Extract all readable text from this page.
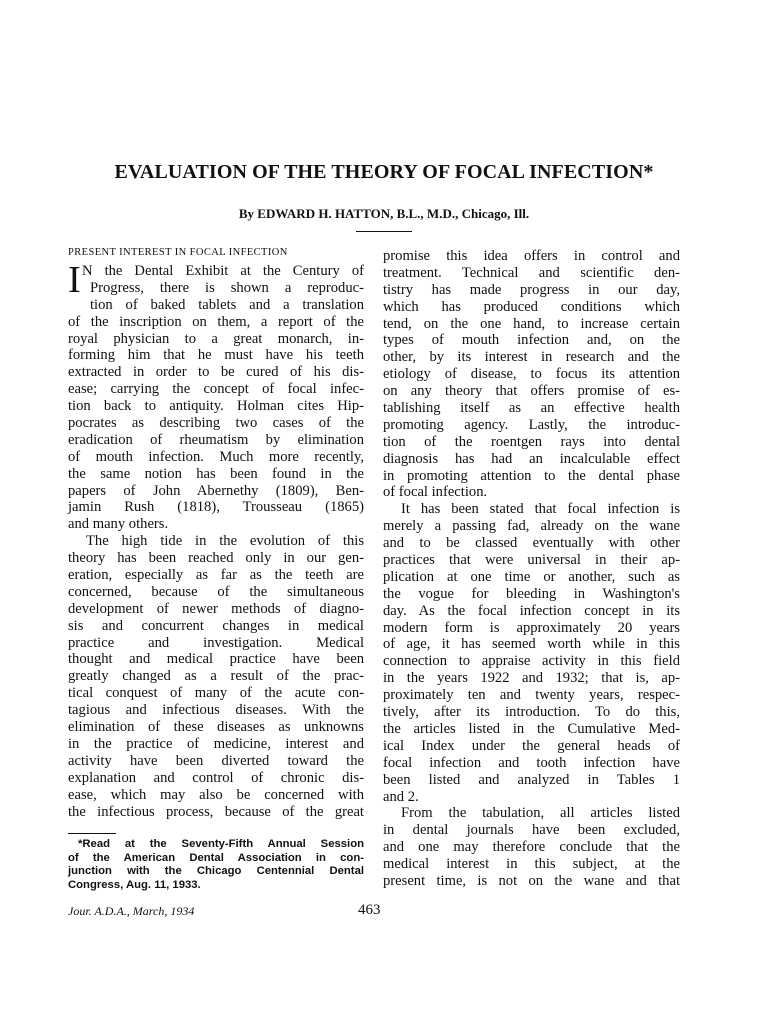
EVALUATION OF THE THEORY OF FOCAL INFECTION*
By EDWARD H. HATTON, B.L., M.D., Chicago, Ill.
PRESENT INTEREST IN FOCAL INFECTION
I N the Dental Exhibit at the Century of
Progress, there is shown a reproduc-
tion of baked tablets and a translation
of the inscription on them, a report of the
royal physician to a great monarch, in-
forming him that he must have his teeth
extracted in order to be cured of his dis-
ease; carrying the concept of focal infec-
tion back to antiquity. Holman cites Hip-
pocrates as describing two cases of the
eradication of rheumatism by elimination
of mouth infection. Much more recently,
the same notion has been found in the
papers of John Abernethy (1809), Ben-
jamin Rush (1818), Trousseau (1865)
and many others.
The high tide in the evolution of this
theory has been reached only in our gen-
eration, especially as far as the teeth are
concerned, because of the simultaneous
development of newer methods of diagno-
sis and concurrent changes in medical
practice and investigation. Medical
thought and medical practice have been
greatly changed as a result of the prac-
tical conquest of many of the acute con-
tagious and infectious diseases. With the
elimination of these diseases as unknowns
in the practice of medicine, interest and
activity have been diverted toward the
explanation and control of chronic dis-
ease, which may also be concerned with
the infectious process, because of the great
promise this idea offers in control and
treatment. Technical and scientific den-
tistry has made progress in our day,
which has produced conditions which
tend, on the one hand, to increase certain
types of mouth infection and, on the
other, by its interest in research and the
etiology of disease, to focus its attention
on any theory that offers promise of es-
tablishing itself as an effective health
promoting agency. Lastly, the introduc-
tion of the roentgen rays into dental
diagnosis has had an incalculable effect
in promoting attention to the dental phase
of focal infection.
It has been stated that focal infection is
merely a passing fad, already on the wane
and to be classed eventually with other
practices that were universal in their ap-
plication at one time or another, such as
the vogue for bleeding in Washington's
day. As the focal infection concept in its
modern form is approximately 20 years
of age, it has seemed worth while in this
connection to appraise activity in this field
in the years 1922 and 1932; that is, ap-
proximately ten and twenty years, respec-
tively, after its introduction. To do this,
the articles listed in the Cumulative Med-
ical Index under the general heads of
focal infection and tooth infection have
been listed and analyzed in Tables 1
and 2.
From the tabulation, all articles listed
in dental journals have been excluded,
and one may therefore conclude that the
medical interest in this subject, at the
present time, is not on the wane and that
*Read at the Seventy-Fifth Annual Session
of the American Dental Association in con-
junction with the Chicago Centennial Dental
Congress, Aug. 11, 1933.
Jour. A.D.A., March, 1934	463
